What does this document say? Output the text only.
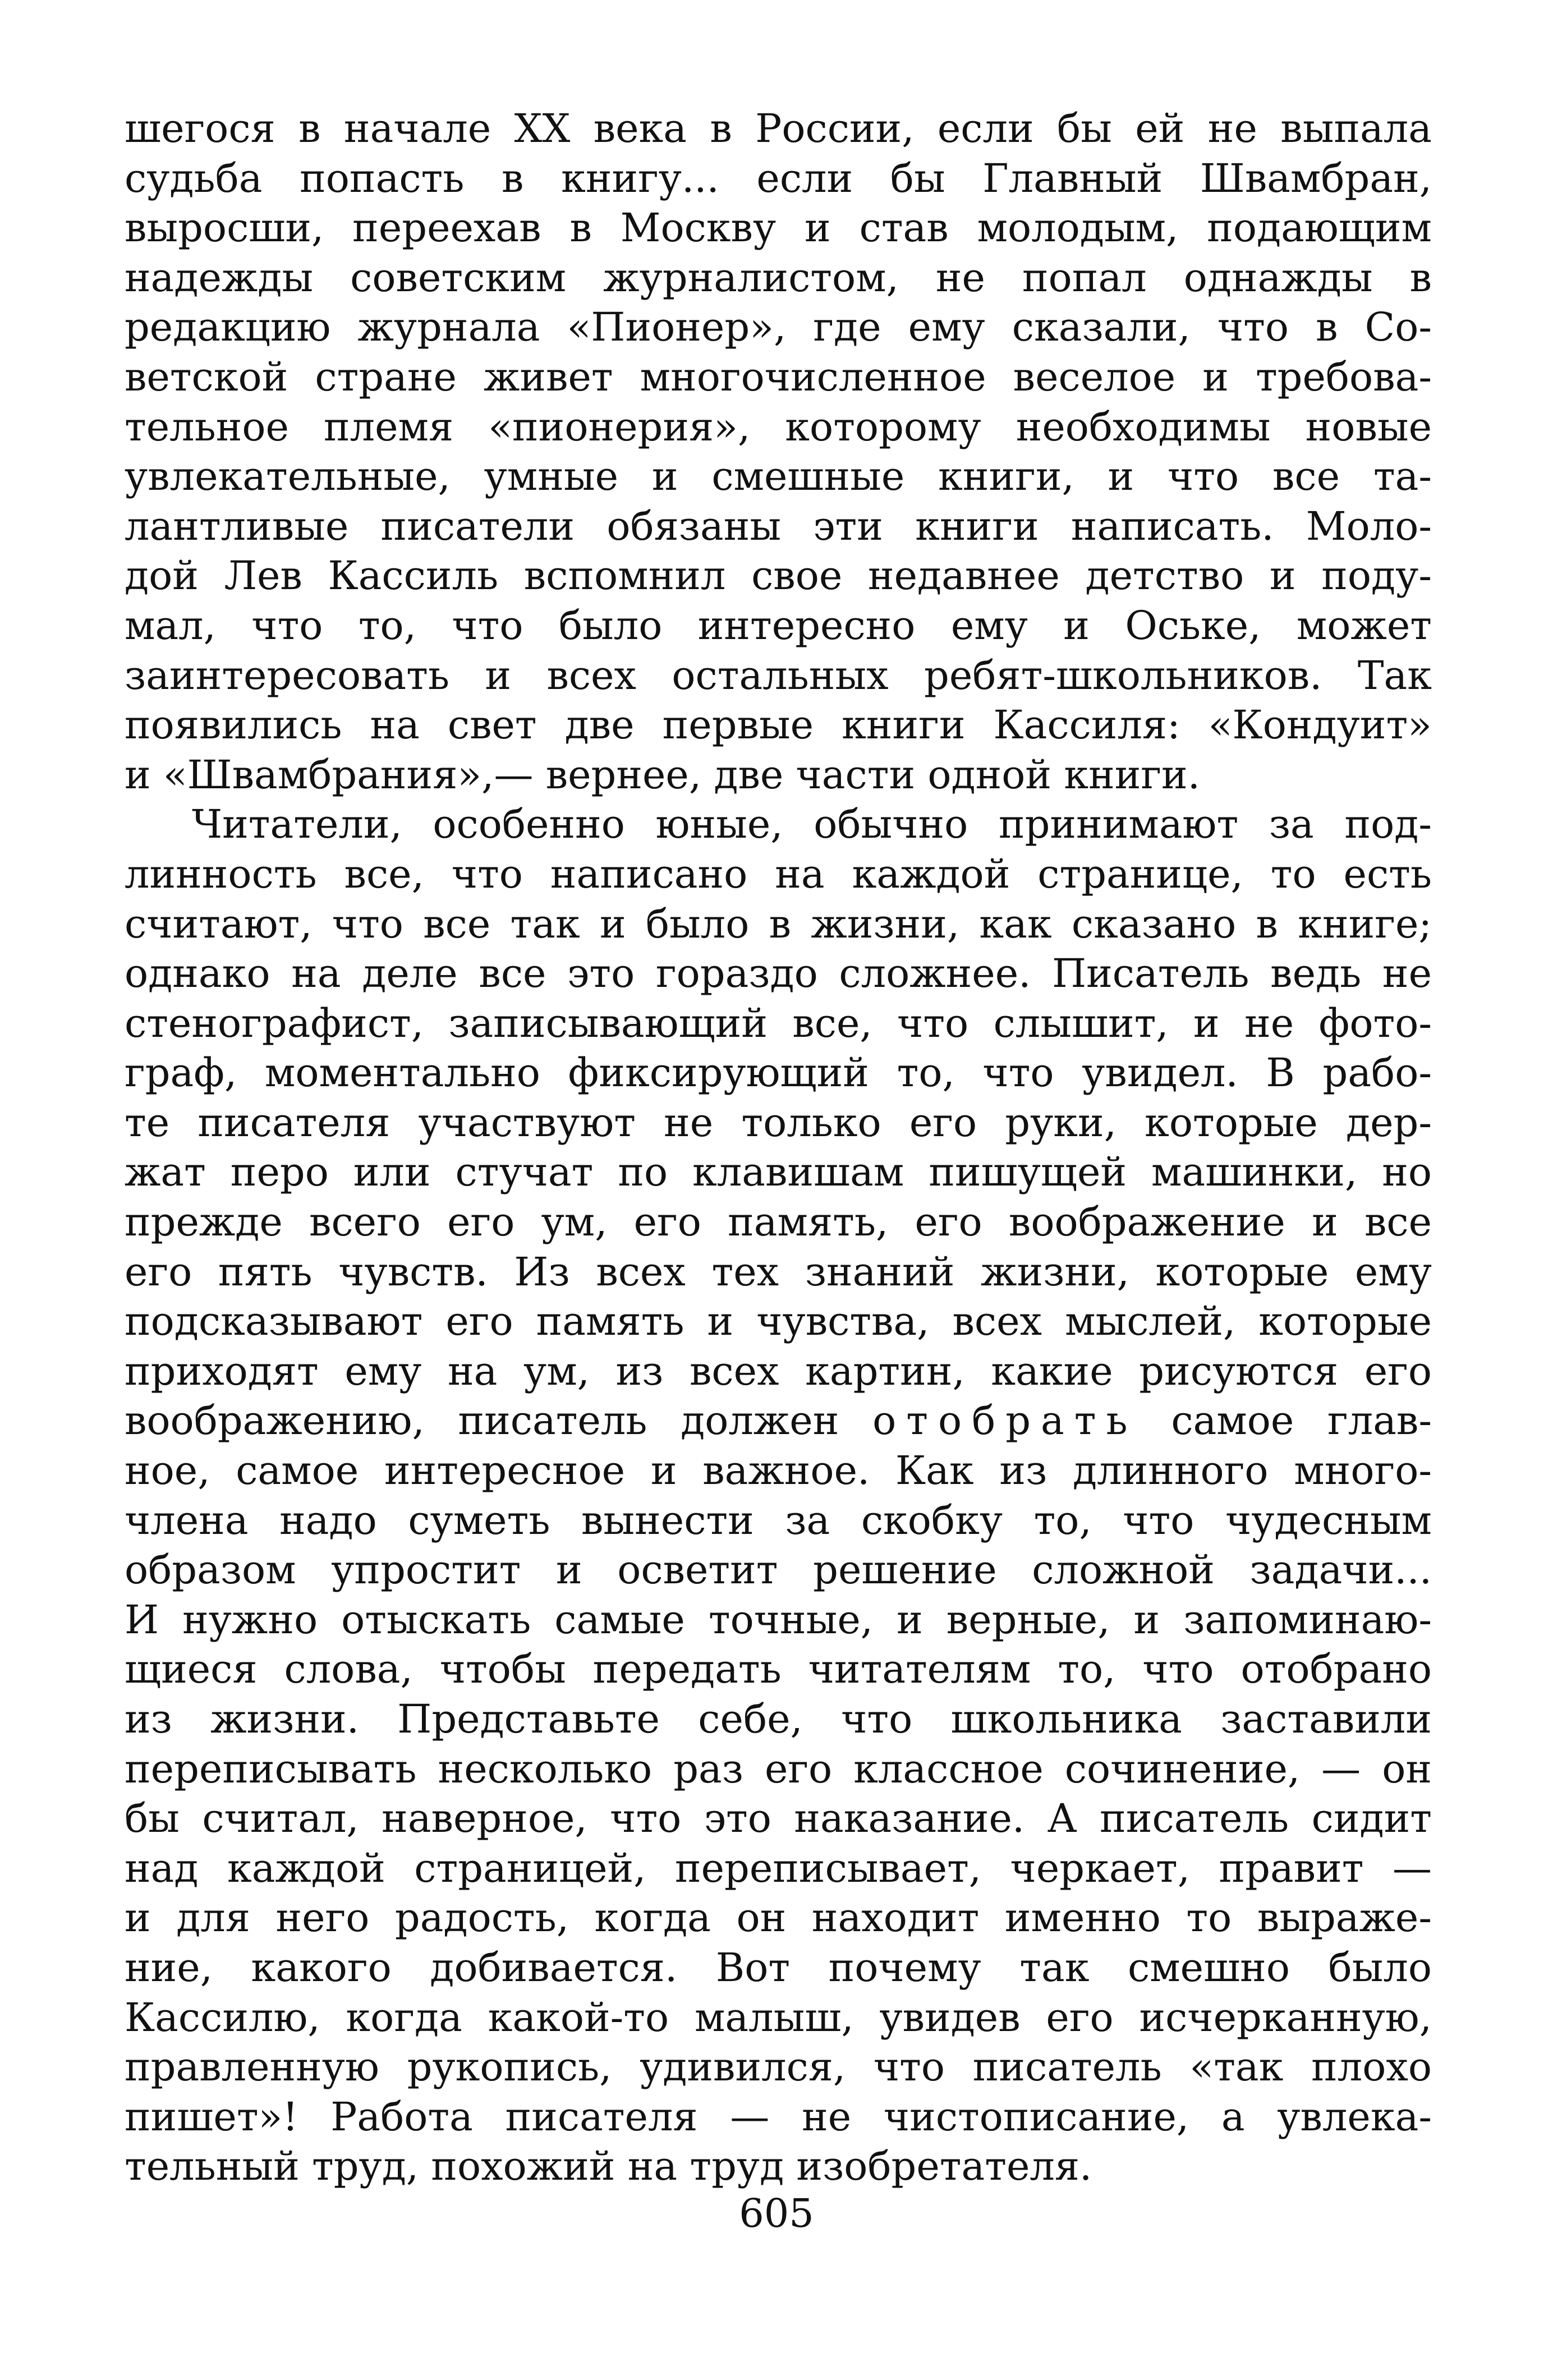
шегося в начале XX века в России, если бы ей не выпала
судьба попасть в книгу... если бы Главный Швамбран,
выросши, переехав в Москву и став молодым, подающим
надежды советским журналистом, не попал однажды в
редакцию журнала «Пионер», где ему сказали, что в Со-
ветской стране живет многочисленное веселое и требова-
тельное племя «пионерия», которому необходимы новые
увлекательные, умные и смешные книги, и что все та-
лантливые писатели обязаны эти книги написать. Моло-
дой Лев Кассиль вспомнил свое недавнее детство и поду-
мал, что то, что было интересно ему и Оське, может
заинтересовать и всех остальных ребят-школьников. Так
появились на свет две первые книги Кассиля: «Кондуит»
и «Швамбрания»,— вернее, две части одной книги.
Читатели, особенно юные, обычно принимают за под-
линность все, что написано на каждой странице, то есть
считают, что все так и было в жизни, как сказано в книге;
однако на деле все это гораздо сложнее. Писатель ведь не
стенографист, записывающий все, что слышит, и не фото-
граф, моментально фиксирующий то, что увидел. В рабо-
те писателя участвуют не только его руки, которые дер-
жат перо или стучат по клавишам пишущей машинки, но
прежде всего его ум, его память, его воображение и все
его пять чувств. Из всех тех знаний жизни, которые ему
подсказывают его память и чувства, всех мыслей, которые
приходят ему на ум, из всех картин, какие рисуются его
воображению, писатель должен отобрать самое глав-
ное, самое интересное и важное. Как из длинного много-
члена надо суметь вынести за скобку то, что чудесным
образом упростит и осветит решение сложной задачи...
И нужно отыскать самые точные, и верные, и запоминаю-
щиеся слова, чтобы передать читателям то, что отобрано
из жизни. Представьте себе, что школьника заставили
переписывать несколько раз его классное сочинение, — он
бы считал, наверное, что это наказание. А писатель сидит
над каждой страницей, переписывает, черкает, правит —
и для него радость, когда он находит именно то выраже-
ние, какого добивается. Вот почему так смешно было
Кассилю, когда какой-то малыш, увидев его исчерканную,
правленную рукопись, удивился, что писатель «так плохо
пишет»! Работа писателя — не чистописание, а увлека-
тельный труд, похожий на труд изобретателя.
605
